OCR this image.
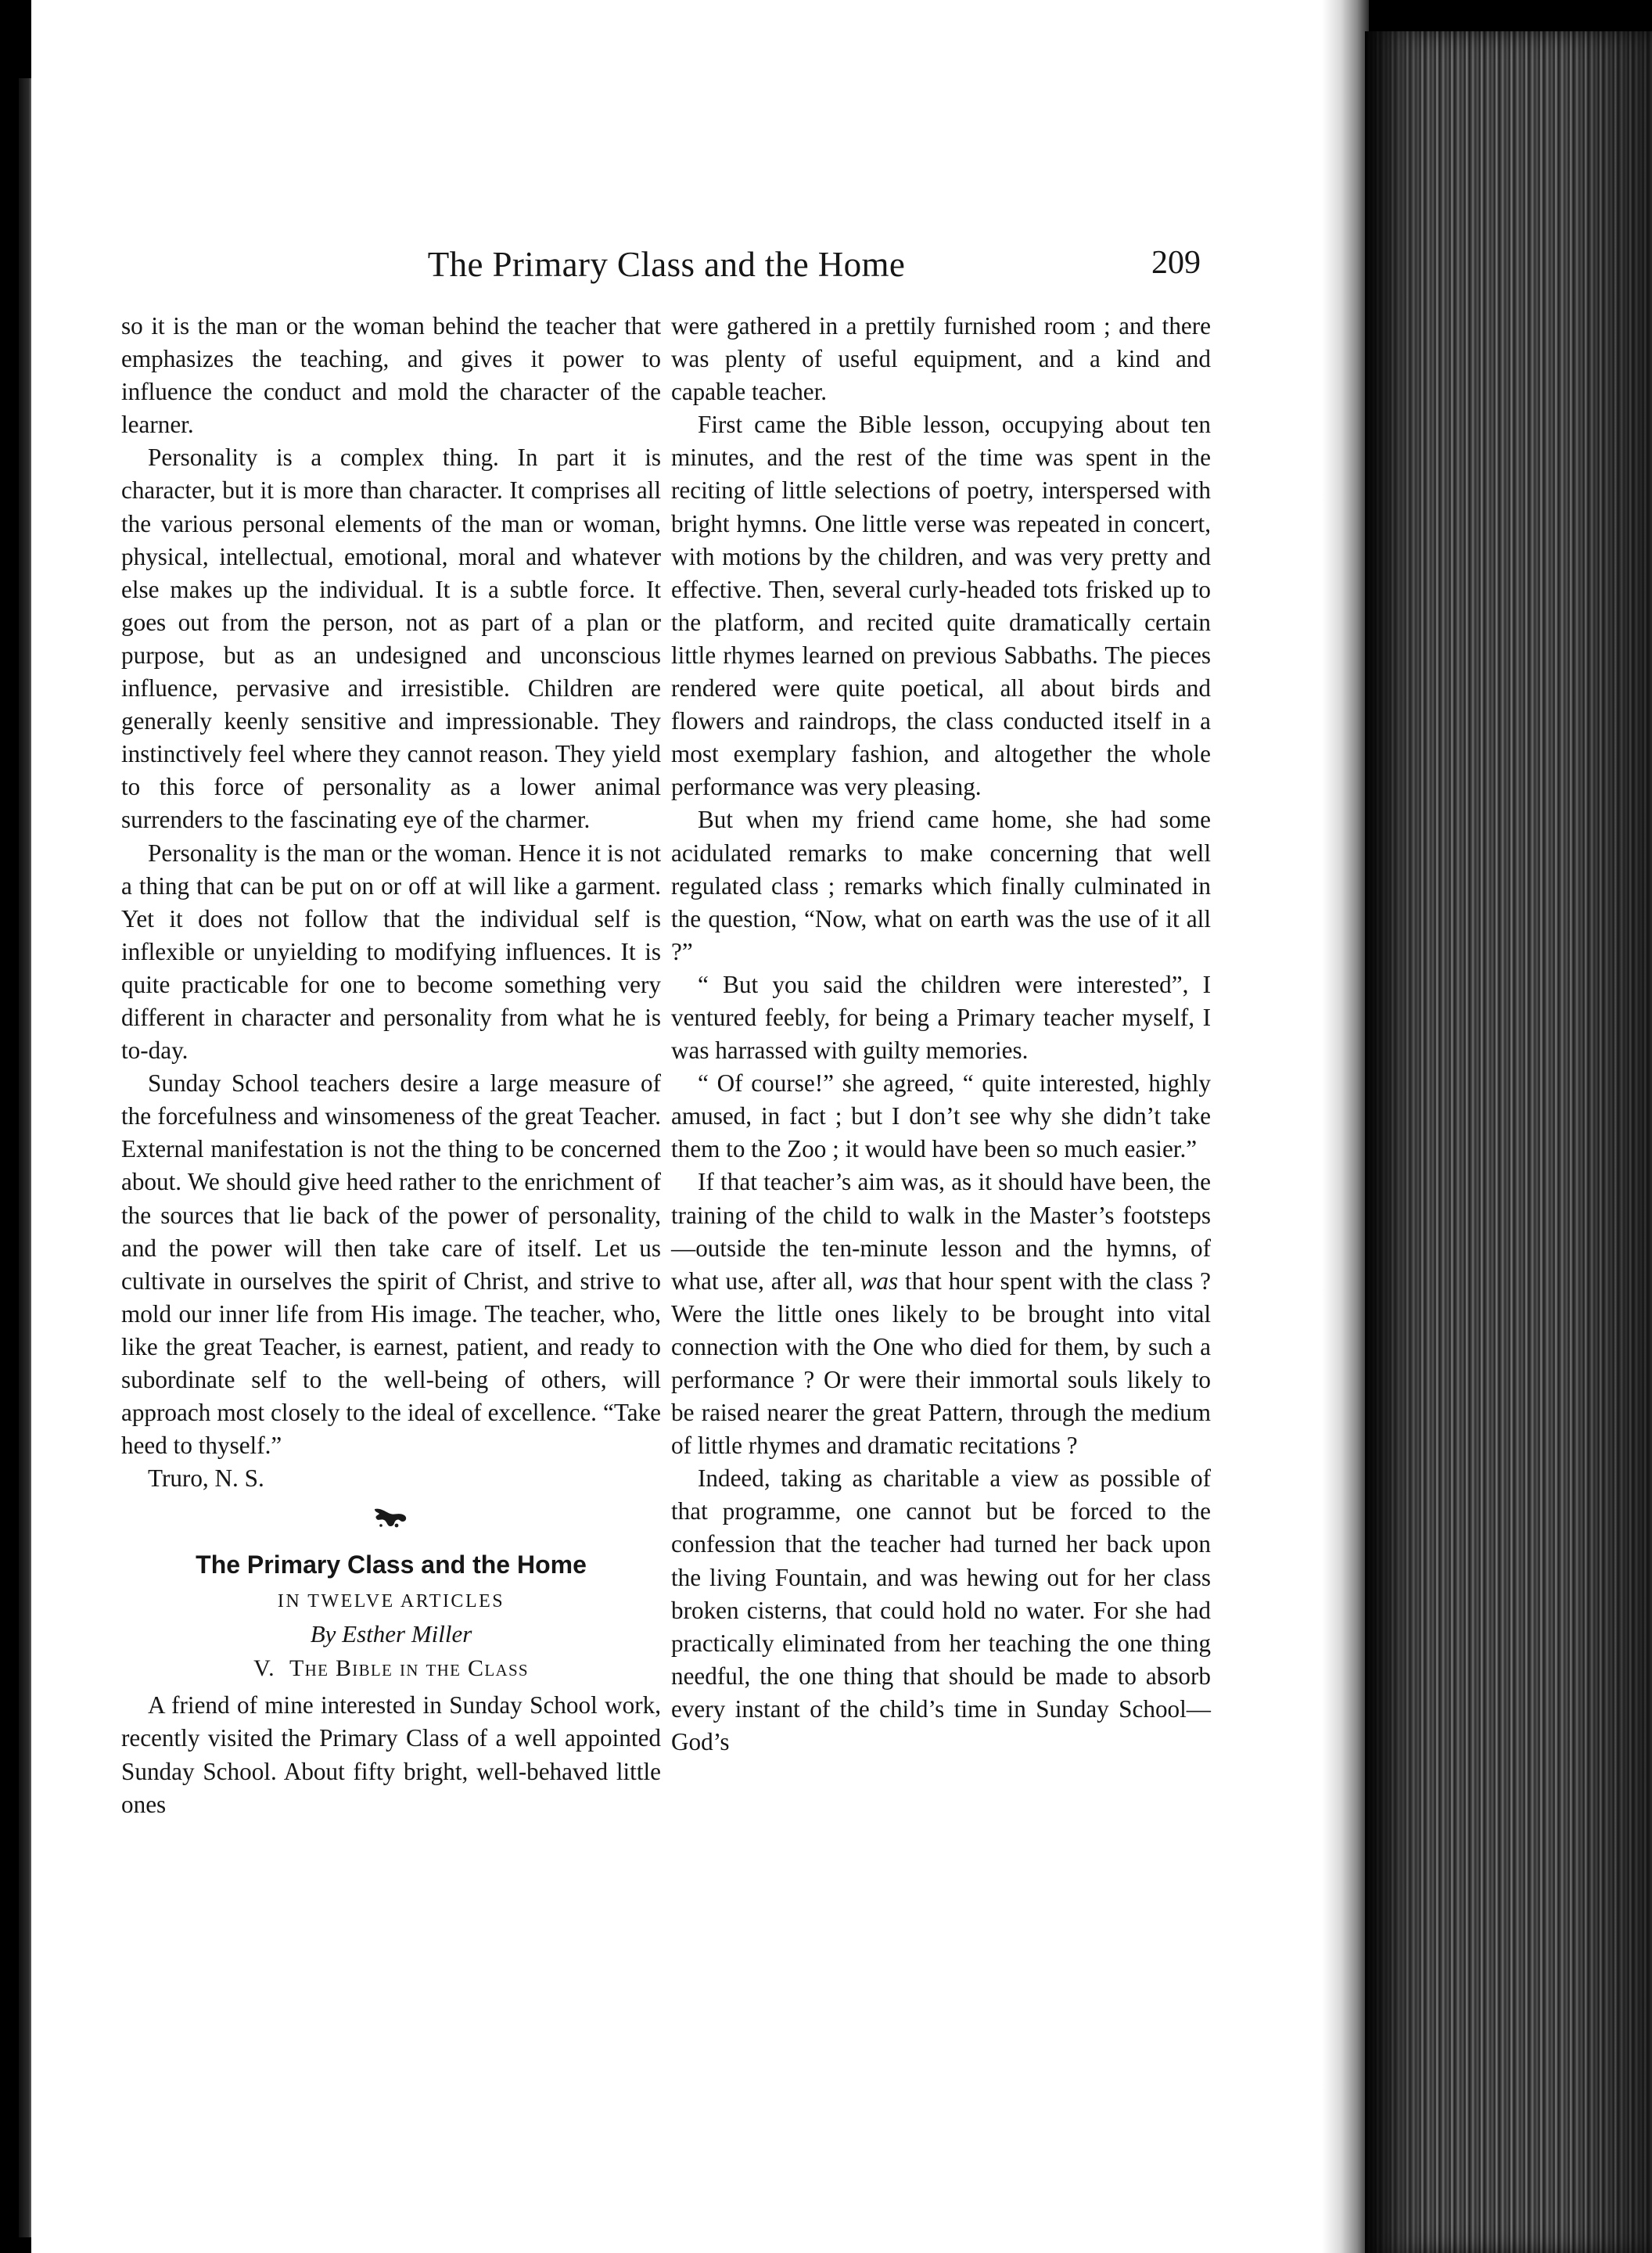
The Primary Class and the Home	209

so it is the man or the woman behind the teacher that emphasizes the teaching, and gives it power to influence the conduct and mold the character of the learner.

Personality is a complex thing. In part it is character, but it is more than character. It comprises all the various personal elements of the man or woman, physical, intellectual, emotional, moral and whatever else makes up the individual. It is a subtle force. It goes out from the person, not as part of a plan or purpose, but as an undesigned and unconscious influence, pervasive and irresistible. Children are generally keenly sensitive and impressionable. They instinctively feel where they cannot reason. They yield to this force of personality as a lower animal surrenders to the fascinating eye of the charmer.

Personality is the man or the woman. Hence it is not a thing that can be put on or off at will like a garment. Yet it does not follow that the individual self is inflexible or unyielding to modifying influences. It is quite practicable for one to become something very different in character and personality from what he is to-day.

Sunday School teachers desire a large measure of the forcefulness and winsomeness of the great Teacher. External manifestation is not the thing to be concerned about. We should give heed rather to the enrichment of the sources that lie back of the power of personality, and the power will then take care of itself. Let us cultivate in ourselves the spirit of Christ, and strive to mold our inner life from His image. The teacher, who, like the great Teacher, is earnest, patient, and ready to subordinate self to the well-being of others, will approach most closely to the ideal of excellence. “Take heed to thyself.”

Truro, N. S.

The Primary Class and the Home
IN TWELVE ARTICLES
By Esther Miller
V. The Bible in the Class

A friend of mine interested in Sunday School work, recently visited the Primary Class of a well appointed Sunday School. About fifty bright, well-behaved little ones

were gathered in a prettily furnished room ; and there was plenty of useful equipment, and a kind and capable teacher.

First came the Bible lesson, occupying about ten minutes, and the rest of the time was spent in the reciting of little selections of poetry, interspersed with bright hymns. One little verse was repeated in concert, with motions by the children, and was very pretty and effective. Then, several curly-headed tots frisked up to the platform, and recited quite dramatically certain little rhymes learned on previous Sabbaths. The pieces rendered were quite poetical, all about birds and flowers and raindrops, the class conducted itself in a most exemplary fashion, and altogether the whole performance was very pleasing.

But when my friend came home, she had some acidulated remarks to make concerning that well regulated class ; remarks which finally culminated in the question, “Now, what on earth was the use of it all ?”

“ But you said the children were interested”, I ventured feebly, for being a Primary teacher myself, I was harrassed with guilty memories.

“ Of course!” she agreed, “ quite interested, highly amused, in fact ; but I don’t see why she didn’t take them to the Zoo ; it would have been so much easier.”

If that teacher’s aim was, as it should have been, the training of the child to walk in the Master’s footsteps—outside the ten-minute lesson and the hymns, of what use, after all, was that hour spent with the class ? Were the little ones likely to be brought into vital connection with the One who died for them, by such a performance ? Or were their immortal souls likely to be raised nearer the great Pattern, through the medium of little rhymes and dramatic recitations ?

Indeed, taking as charitable a view as possible of that programme, one cannot but be forced to the confession that the teacher had turned her back upon the living Fountain, and was hewing out for her class broken cisterns, that could hold no water. For she had practically eliminated from her teaching the one thing needful, the one thing that should be made to absorb every instant of the child’s time in Sunday School—God’s
